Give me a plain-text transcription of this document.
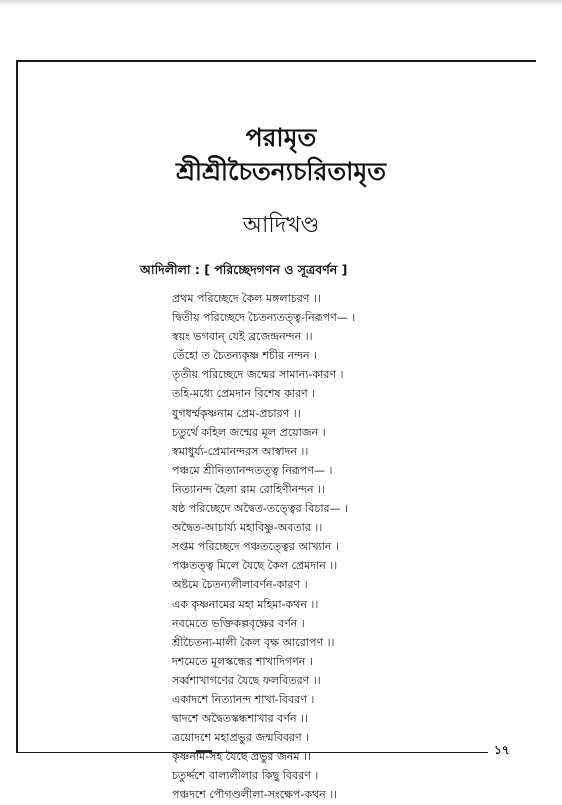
পরামৃত
শ্রীশ্রীচৈতন্যচরিতামৃত
আদিখণ্ড
আদিলীলা : [ পরিচ্ছেদগণন ও সূত্রবর্ণন ]
প্রথম পরিচ্ছেদে কৈল মঙ্গলাচরণ ।।
দ্বিতীয় পরিচ্ছেদে চৈতন্যতত্ত্ব-নিরূপণ— ।
স্বয়ং ভগবান্‌ যেই ব্রজেন্দ্রনন্দন ।।
তেঁহো ত চৈতন্যকৃষ্ণ শচীর নন্দন ।
তৃতীয় পরিচ্ছেদে জন্মের সামান্য-কারণ ।
তহি-মধ্যে প্রেমদান বিশেষ কারণ ।
যুগধর্ম্মকৃষ্ণনাম প্রেম-প্রচারণ ।।
চতুর্থে কহিল জন্মের মূল প্রয়োজন ।
স্বমাধুর্য্য-প্রেমানন্দরস আস্বাদন ।।
পঞ্চমে শ্রীনিত্যানন্দতত্ত্ব নিরূপণ— ।
নিত্যানন্দ হৈলা রাম রোহিণীনন্দন ।।
ষষ্ঠ পরিচ্ছেদে অদ্বৈত-তত্ত্বের বিচার— ।
অদ্বৈত-আচার্য্য মহাবিষ্ণু-অবতার ।।
সপ্তম পরিচ্ছেদে পঞ্চতত্ত্বের আখ্যান ।
পঞ্চতত্ত্ব মিলে যৈছে কৈল প্রেমদান ।।
অষ্টমে চৈতন্যলীলাবর্ণন-কারণ ।
এক কৃষ্ণনামের মহা মহিমা-কথন ।।
নবমেতে ভক্তিকল্পবৃক্ষের বর্ণন ।
শ্রীচৈতন্য-মালী কৈল বৃক্ষ আরোপণ ।।
দশমেতে মূলস্কন্ধের শাখাদিগণন ।
সর্ব্বশাখাগণের যৈছে ফলবিতরণ ।।
একাদশে নিত্যানন্দ শাখা-বিবরণ ।
দ্বাদশে অদ্বৈতস্কন্ধশাখার বর্ণন ।।
ত্রয়োদশে মহাপ্রভুর জন্মবিবরণ ।
কৃষ্ণনাম-সহ যৈছে প্রভুর জনম ।।
চতুর্দ্দশে বাল্যলীলার কিছু বিবরণ ।
পঞ্চদশে পৌগণ্ডলীলা-সংক্ষেপ-কথন ।।
১৭
